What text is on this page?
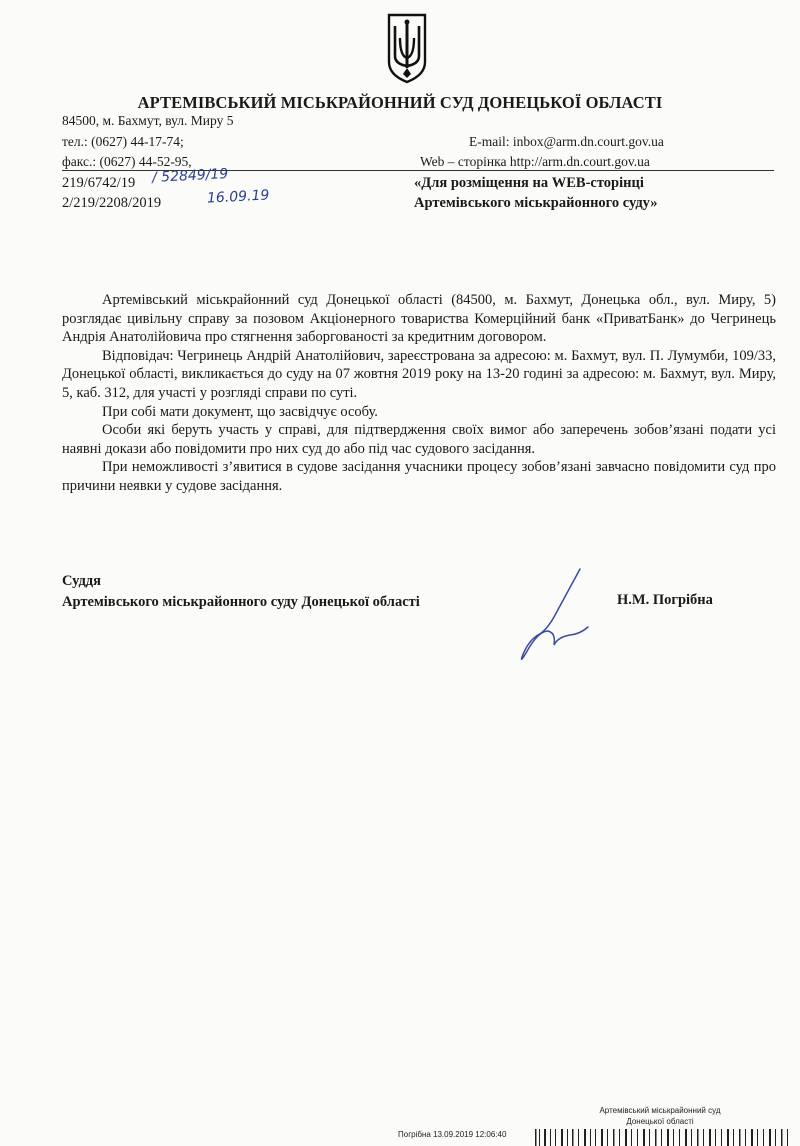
АРТЕМІВСЬКИЙ МІСЬКРАЙОННИЙ СУД ДОНЕЦЬКОЇ ОБЛАСТІ
84500, м. Бахмут, вул. Миру 5
тел.: (0627) 44-17-74;
факс.: (0627) 44-52-95,
E-mail: inbox@arm.dn.court.gov.ua
Web – сторінка http://arm.dn.court.gov.ua
219/6742/19
2/219/2208/2019
/ 52849/19
16.09.19
«Для розміщення на WEB-сторінці
Артемівського міськрайонного суду»

Артемівський міськрайонний суд Донецької області (84500, м. Бахмут, Донецька обл., вул. Миру, 5) розглядає цивільну справу за позовом Акціонерного товариства Комерційний банк «ПриватБанк» до Чегринець Андрія Анатолійовича про стягнення заборгованості за кредитним договором.

Відповідач: Чегринець Андрій Анатолійович, зареєстрована за адресою: м. Бахмут, вул. П. Лумумби, 109/33, Донецької області, викликається до суду на 07 жовтня 2019 року на 13-20 годині за адресою: м. Бахмут, вул. Миру, 5, каб. 312, для участі у розгляді справи по суті.

При собі мати документ, що засвідчує особу.

Особи які беруть участь у справі, для підтвердження своїх вимог або заперечень зобов’язані подати усі наявні докази або повідомити про них суд до або під час судового засідання.

При неможливості з’явитися в судове засідання учасники процесу зобов’язані завчасно повідомити суд про причини неявки у судове засідання.

Суддя
Артемівського міськрайонного суду Донецької області	Н.М. Погрібна
Артемівський міськрайонний суд
Донецької області
Погрібна 13.09.2019 12:06:40
